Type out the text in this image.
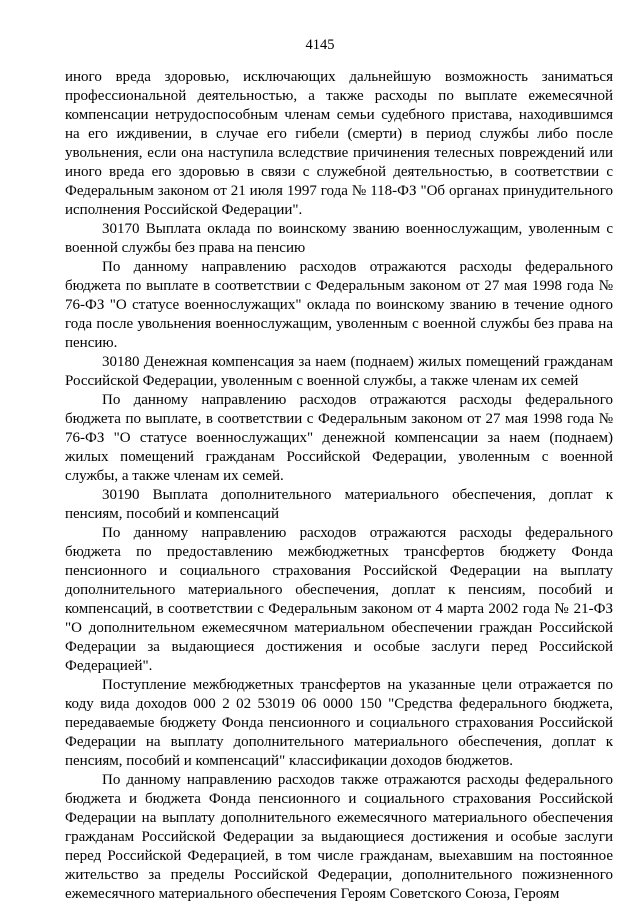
4145

иного вреда здоровью, исключающих дальнейшую возможность заниматься профессиональной деятельностью, а также расходы по выплате ежемесячной компенсации нетрудоспособным членам семьи судебного пристава, находившимся на его иждивении, в случае его гибели (смерти) в период службы либо после увольнения, если она наступила вследствие причинения телесных повреждений или иного вреда его здоровью в связи с служебной деятельностью, в соответствии с Федеральным законом от 21 июля 1997 года № 118-ФЗ "Об органах принудительного исполнения Российской Федерации".

30170 Выплата оклада по воинскому званию военнослужащим, уволенным с военной службы без права на пенсию

По данному направлению расходов отражаются расходы федерального бюджета по выплате в соответствии с Федеральным законом от 27 мая 1998 года № 76-ФЗ "О статусе военнослужащих" оклада по воинскому званию в течение одного года после увольнения военнослужащим, уволенным с военной службы без права на пенсию.

30180 Денежная компенсация за наем (поднаем) жилых помещений гражданам Российской Федерации, уволенным с военной службы, а также членам их семей

По данному направлению расходов отражаются расходы федерального бюджета по выплате, в соответствии с Федеральным законом от 27 мая 1998 года № 76-ФЗ "О статусе военнослужащих" денежной компенсации за наем (поднаем) жилых помещений гражданам Российской Федерации, уволенным с военной службы, а также членам их семей.

30190 Выплата дополнительного материального обеспечения, доплат к пенсиям, пособий и компенсаций

По данному направлению расходов отражаются расходы федерального бюджета по предоставлению межбюджетных трансфертов бюджету Фонда пенсионного и социального страхования Российской Федерации на выплату дополнительного материального обеспечения, доплат к пенсиям, пособий и компенсаций, в соответствии с Федеральным законом от 4 марта 2002 года № 21-ФЗ "О дополнительном ежемесячном материальном обеспечении граждан Российской Федерации за выдающиеся достижения и особые заслуги перед Российской Федерацией".

Поступление межбюджетных трансфертов на указанные цели отражается по коду вида доходов 000 2 02 53019 06 0000 150 "Средства федерального бюджета, передаваемые бюджету Фонда пенсионного и социального страхования Российской Федерации на выплату дополнительного материального обеспечения, доплат к пенсиям, пособий и компенсаций" классификации доходов бюджетов.

По данному направлению расходов также отражаются расходы федерального бюджета и бюджета Фонда пенсионного и социального страхования Российской Федерации на выплату дополнительного ежемесячного материального обеспечения гражданам Российской Федерации за выдающиеся достижения и особые заслуги перед Российской Федерацией, в том числе гражданам, выехавшим на постоянное жительство за пределы Российской Федерации, дополнительного пожизненного ежемесячного материального обеспечения Героям Советского Союза, Героям
